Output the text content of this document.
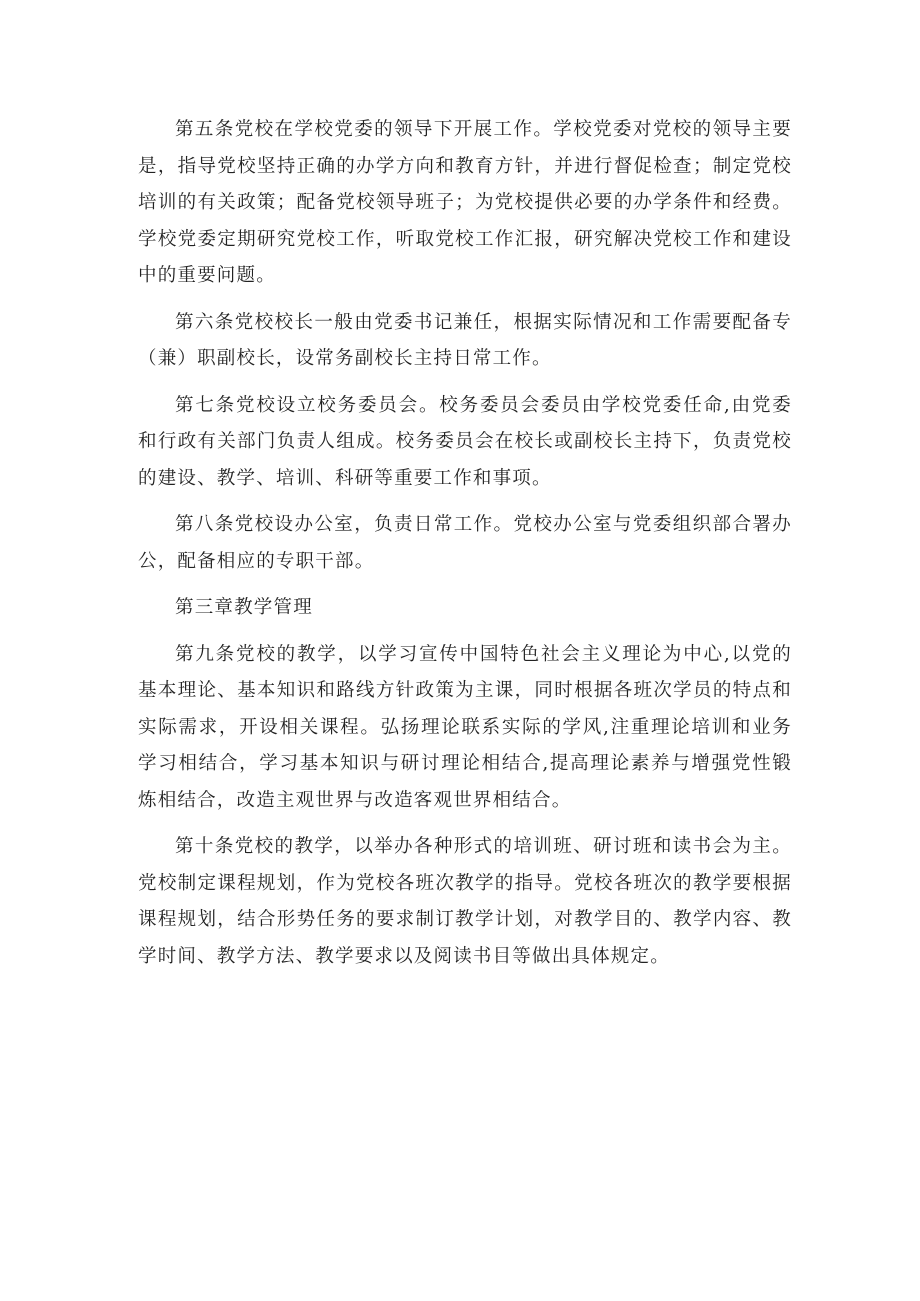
第五条党校在学校党委的领导下开展工作。学校党委对党校的领导主要是，指导党校坚持正确的办学方向和教育方针，并进行督促检查；制定党校培训的有关政策；配备党校领导班子；为党校提供必要的办学条件和经费。学校党委定期研究党校工作，听取党校工作汇报，研究解决党校工作和建设中的重要问题。

第六条党校校长一般由党委书记兼任，根据实际情况和工作需要配备专（兼）职副校长，设常务副校长主持日常工作。

第七条党校设立校务委员会。校务委员会委员由学校党委任命,由党委和行政有关部门负责人组成。校务委员会在校长或副校长主持下，负责党校的建设、教学、培训、科研等重要工作和事项。

第八条党校设办公室，负责日常工作。党校办公室与党委组织部合署办公，配备相应的专职干部。

第三章教学管理

第九条党校的教学，以学习宣传中国特色社会主义理论为中心,以党的基本理论、基本知识和路线方针政策为主课，同时根据各班次学员的特点和实际需求，开设相关课程。弘扬理论联系实际的学风,注重理论培训和业务学习相结合，学习基本知识与研讨理论相结合,提高理论素养与增强党性锻炼相结合，改造主观世界与改造客观世界相结合。

第十条党校的教学，以举办各种形式的培训班、研讨班和读书会为主。党校制定课程规划，作为党校各班次教学的指导。党校各班次的教学要根据课程规划，结合形势任务的要求制订教学计划，对教学目的、教学内容、教学时间、教学方法、教学要求以及阅读书目等做出具体规定。
